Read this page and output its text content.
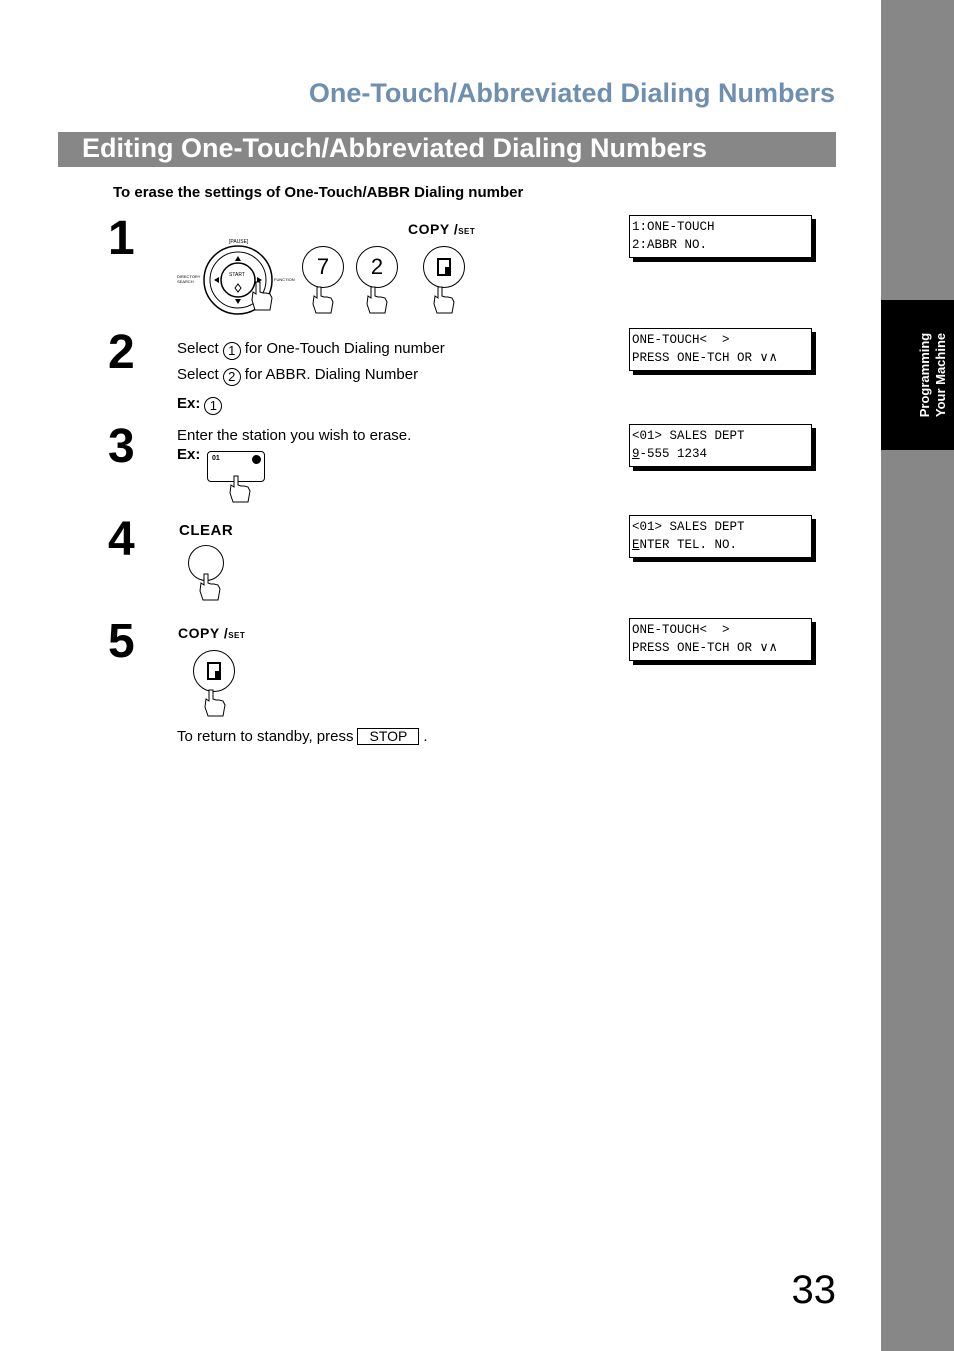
Programming Your Machine
One-Touch/Abbreviated Dialing Numbers
Editing One-Touch/Abbreviated Dialing Numbers
To erase the settings of One-Touch/ABBR Dialing number
1	[PAUSE]
DIRECTORY SEARCH
START
FUNCTION
COPY /SET
7	2

1:ONE-TOUCH

2:ABBR NO.

2	Select 1 for One-Touch Dialing number
Select 2 for ABBR. Dialing Number
Ex: 1

ONE-TOUCH<  >

PRESS ONE-TCH OR ∨∧

3	Enter the station you wish to erase.
Ex: 01

<01> SALES DEPT

9-555 1234

4	CLEAR

	<01> SALES DEPT

ENTER TEL. NO.

5	COPY /SET

	ONE-TOUCH<  >

PRESS ONE-TCH OR ∨∧

To return to standby, press STOP .
33
